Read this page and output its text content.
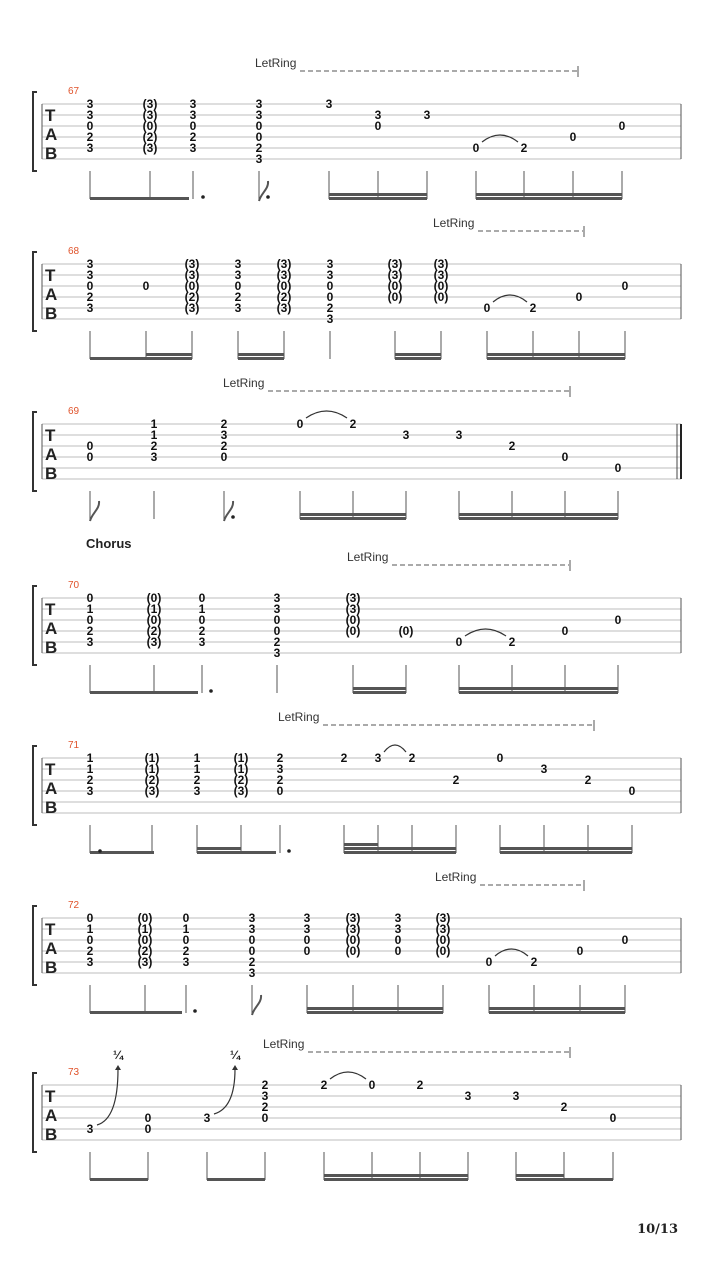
T
A
B
67
LetRing
3
3
0
2
3
(3)
(3)
(0)
(2)
(3)
3
3
0
2
3
3
3
0
0
2
3
3
3
0
3
0	2
0
0
T
A
B
68
LetRing
3
3
0
2
3
0
(3)
(3)
(0)
(2)
(3)
3
3
0
2
3
(3)
(3)
(0)
(2)
(3)
3
3
0
0
2
3
(3)
(3)
(0)
(0)
(3)
(3)
(0)
(0)
0	2
0
0
T
A
B
69
LetRing
0
0
1
1
2
3
2
3
2
0
0	2
3	3
2
0
0
T
A
B
70
Chorus
LetRing
0
1
0
2
3
(0)
(1)
(0)
(2)
(3)
0
1
0
2
3
3
3
0
0
2
3
(3)
(3)
(0)
(0)	(0)
0	2
0
0
T
A
B
71
LetRing
1
1
2
3
(1)
(1)
(2)
(3)
1
1
2
3
(1)
(1)
(2)
(3)
2
3
2
0
2 3 2
2
0
3
2
0
T
A
B
72
LetRing
0
1
0
2
3
(0)
(1)
(0)
(2)
(3)
0
1
0
2
3
3
3
0
0
2
3
3
3
0
0
(3)
(3)
(0)
(0)
3
3
0
0
(3)
(3)
(0)
(0)
0	2
0
0
T
A
B
73
LetRing
3
0
0
3
2
3
2
0
2	0	2
3	3
2
0
¼	¼
10/13
